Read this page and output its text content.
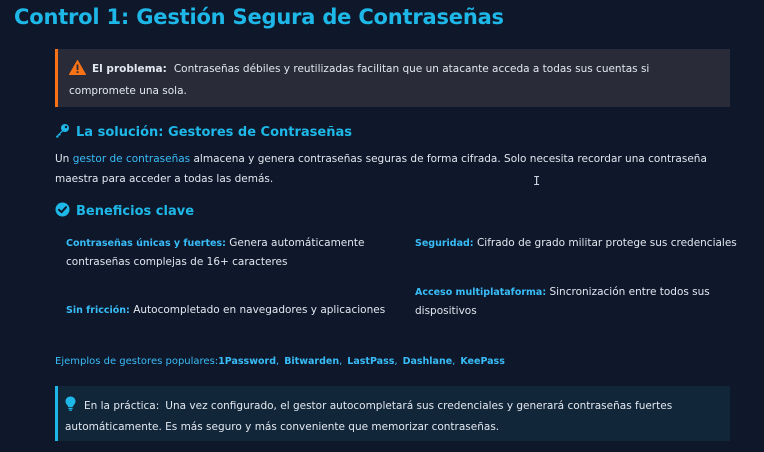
Control 1: Gestión Segura de Contraseñas
El problema: Contraseñas débiles y reutilizadas facilitan que un atacante acceda a todas sus cuentas si compromete una sola.
La solución: Gestores de Contraseñas
Un gestor de contraseñas almacena y genera contraseñas seguras de forma cifrada. Solo necesita recordar una contraseña maestra para acceder a todas las demás.	I
Beneficios clave
Contraseñas únicas y fuertes: Genera automáticamente contraseñas complejas de 16+ caracteres
Seguridad: Cifrado de grado militar protege sus credenciales
Sin fricción: Autocompletado en navegadores y aplicaciones
Acceso multiplataforma: Sincronización entre todos sus dispositivos
Ejemplos de gestores populares:1Password, Bitwarden, LastPass, Dashlane, KeePass
En la práctica: Una vez configurado, el gestor autocompletará sus credenciales y generará contraseñas fuertes automáticamente. Es más seguro y más conveniente que memorizar contraseñas.
